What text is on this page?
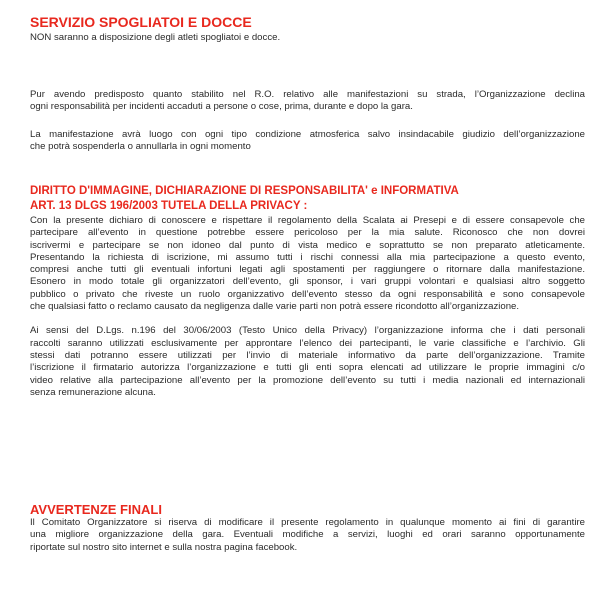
SERVIZIO SPOGLIATOI E DOCCE

NON saranno a disposizione degli atleti spogliatoi e docce.

Pur avendo predisposto quanto stabilito nel R.O. relativo alle manifestazioni su strada, l’Organizzazione declina
ogni responsabilità per incidenti accaduti a persone o cose, prima, durante e dopo la gara.
La manifestazione avrà luogo con ogni tipo condizione atmosferica salvo insindacabile giudizio dell’organizzazione
che potrà sospenderla o annullarla in ogni momento
DIRITTO D'IMMAGINE, DICHIARAZIONE DI RESPONSABILITA' e INFORMATIVA
ART. 13 DLGS 196/2003 TUTELA DELLA PRIVACY :
Con la presente dichiaro di conoscere e rispettare il regolamento della Scalata ai Presepi e di essere consapevole che
partecipare all’evento in questione potrebbe essere pericoloso per la mia salute. Riconosco che non dovrei
iscrivermi e partecipare se non idoneo dal punto di vista medico e soprattutto se non preparato atleticamente.
Presentando la richiesta di iscrizione, mi assumo tutti i rischi connessi alla mia partecipazione a questo evento,
compresi anche tutti gli eventuali infortuni legati agli spostamenti per raggiungere o ritornare dalla manifestazione.
Esonero in modo totale gli organizzatori dell’evento, gli sponsor, i vari gruppi volontari e qualsiasi altro soggetto
pubblico o privato che riveste un ruolo organizzativo dell’evento stesso da ogni responsabilità e sono consapevole
che qualsiasi fatto o reclamo causato da negligenza dalle varie parti non potrà essere ricondotto all’organizzazione.
Ai sensi del D.Lgs. n.196 del 30/06/2003 (Testo Unico della Privacy) l’organizzazione informa che i dati personali
raccolti saranno utilizzati esclusivamente per approntare l’elenco dei partecipanti, le varie classifiche e l’archivio. Gli
stessi dati potranno essere utilizzati per l’invio di materiale informativo da parte dell’organizzazione. Tramite
l’iscrizione il firmatario autorizza l’organizzazione e tutti gli enti sopra elencati ad utilizzare le proprie immagini c/o
video relative alla partecipazione all’evento per la promozione dell’evento su tutti i media nazionali ed internazionali
senza remunerazione alcuna.
AVVERTENZE FINALI
Il Comitato Organizzatore si riserva di modificare il presente regolamento in qualunque momento ai fini di garantire
una migliore organizzazione della gara. Eventuali modifiche a servizi, luoghi ed orari saranno opportunamente
riportate sul nostro sito internet e sulla nostra pagina facebook.
